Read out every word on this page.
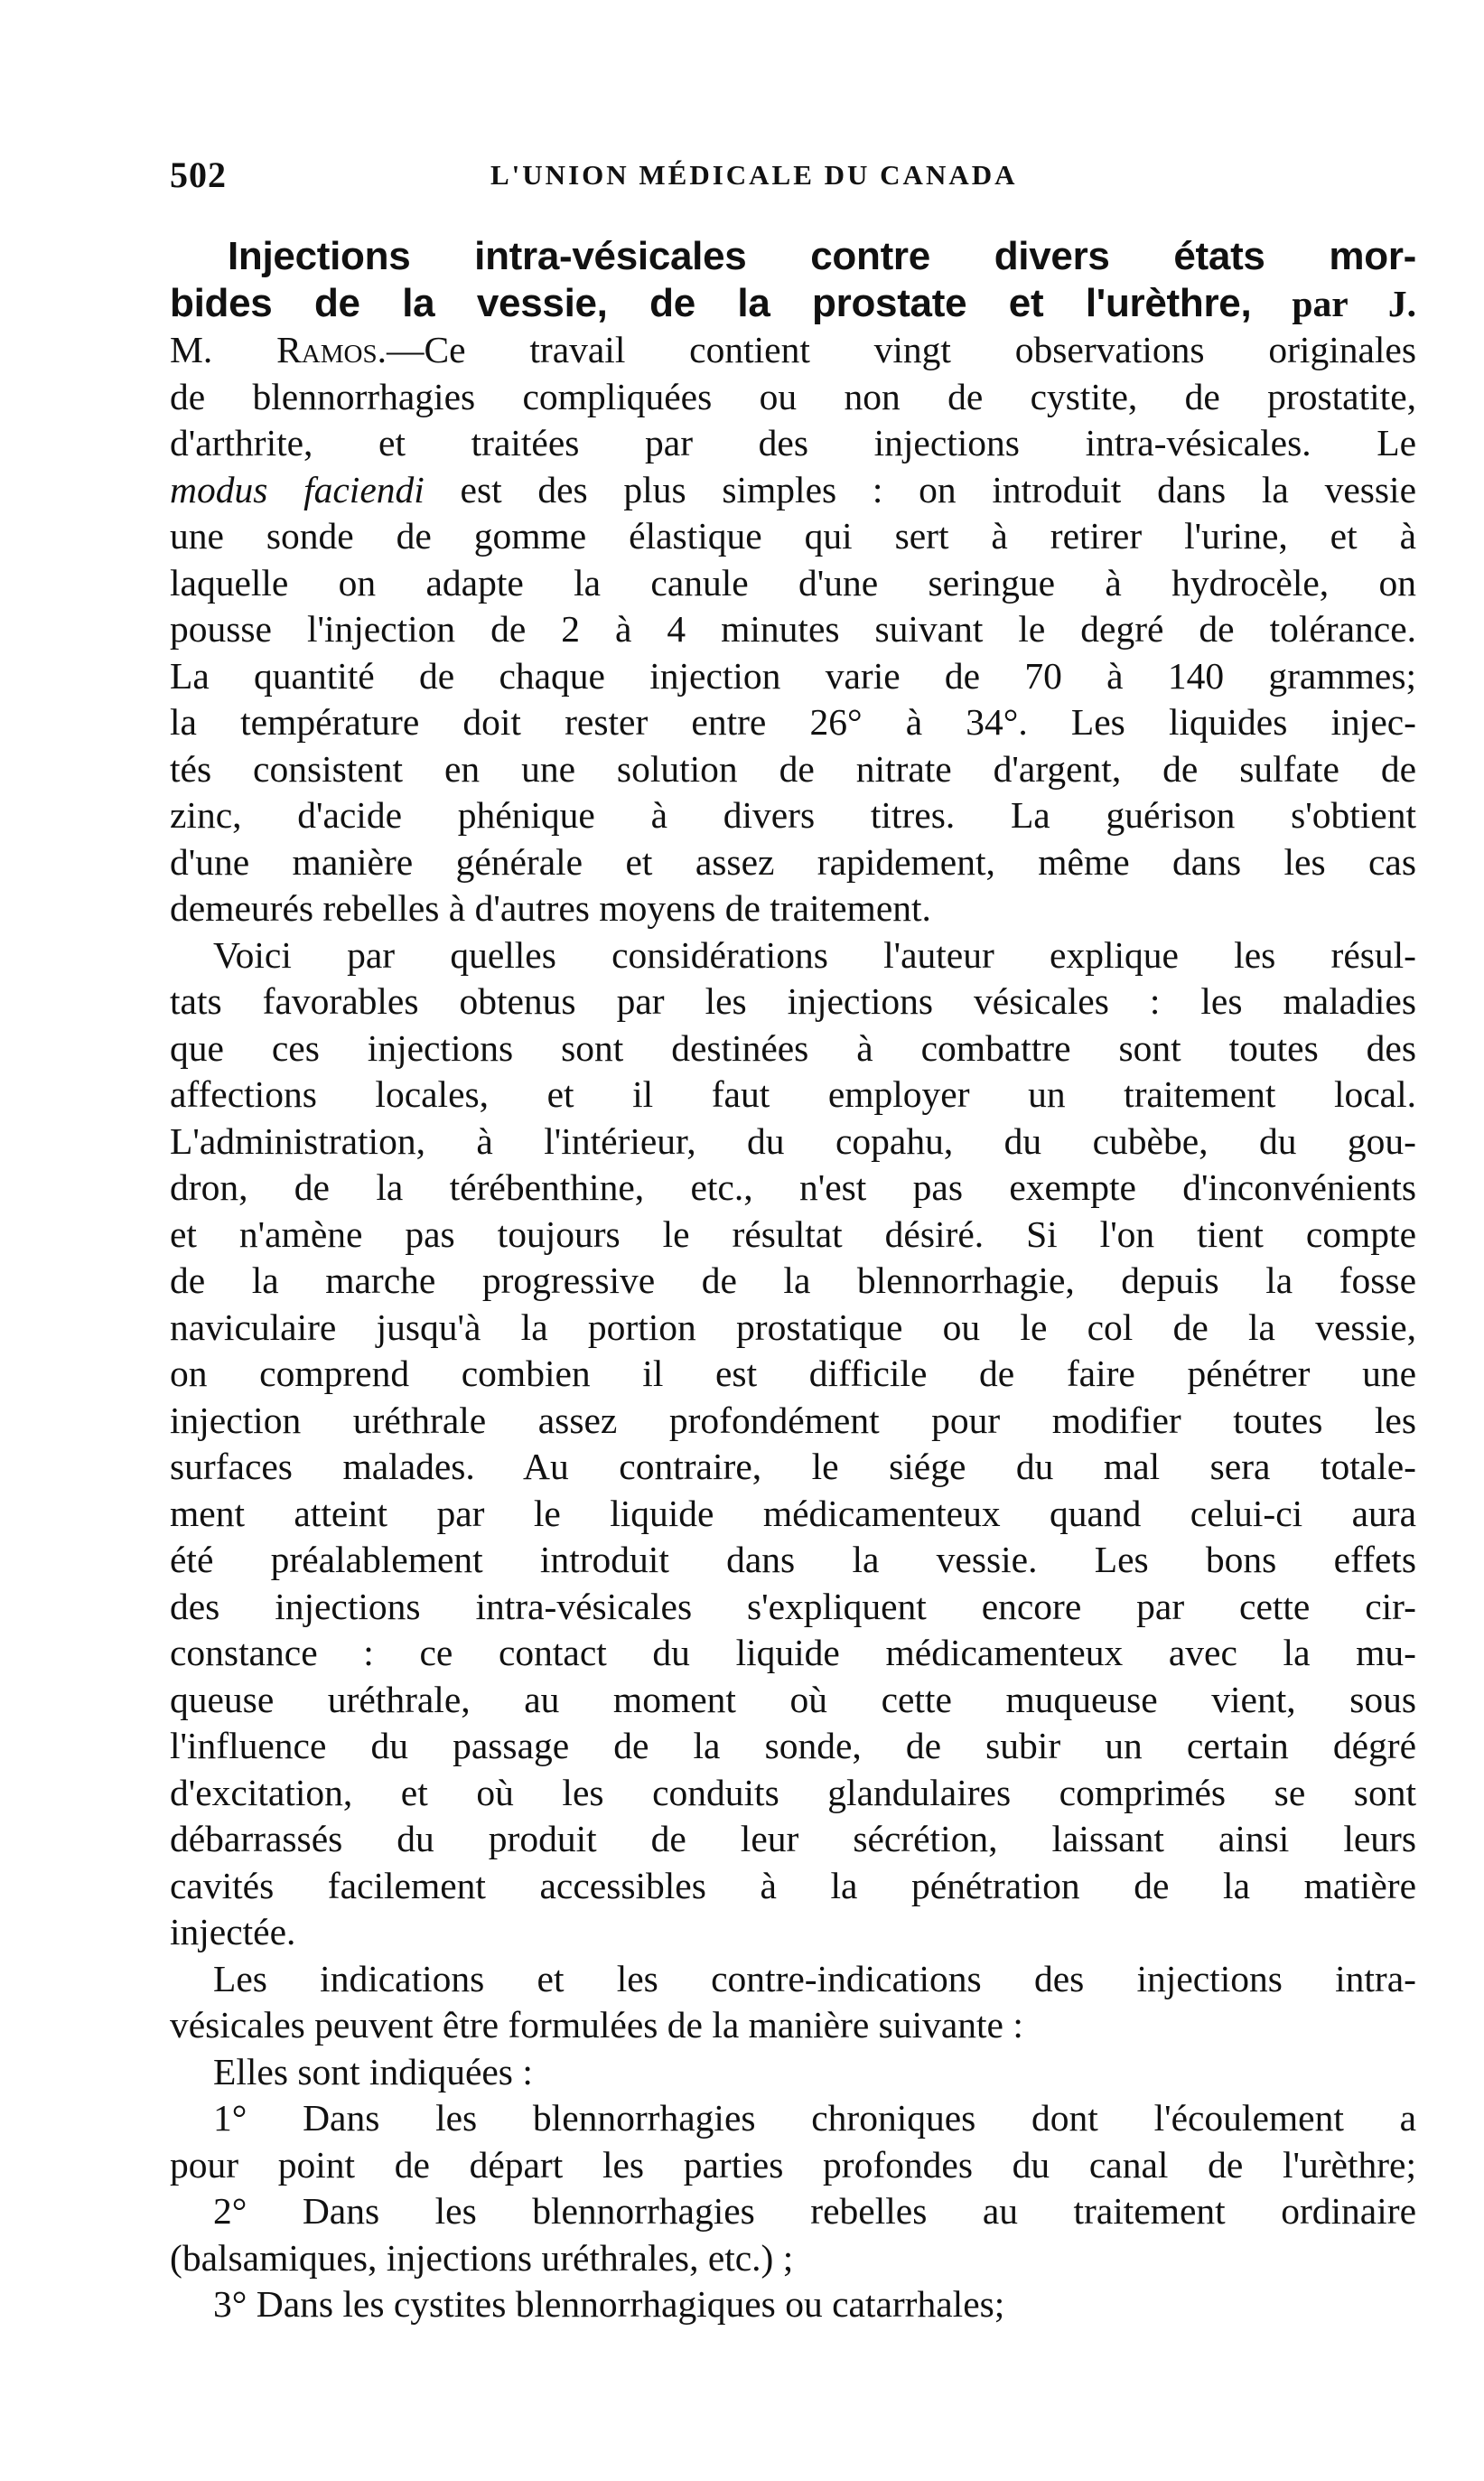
502	L'UNION MÉDICALE DU CANADA
Injections intra-vésicales contre divers états mor-
bides de la vessie, de la prostate et l'urèthre, par J.
M. Ramos.—Ce travail contient vingt observations originales
de blennorrhagies compliquées ou non de cystite, de prostatite,
d'arthrite, et traitées par des injections intra-vésicales. Le
modus faciendi est des plus simples : on introduit dans la vessie
une sonde de gomme élastique qui sert à retirer l'urine, et à
laquelle on adapte la canule d'une seringue à hydrocèle, on
pousse l'injection de 2 à 4 minutes suivant le degré de tolérance.
La quantité de chaque injection varie de 70 à 140 grammes;
la température doit rester entre 26° à 34°. Les liquides injec-
tés consistent en une solution de nitrate d'argent, de sulfate de
zinc, d'acide phénique à divers titres. La guérison s'obtient
d'une manière générale et assez rapidement, même dans les cas
demeurés rebelles à d'autres moyens de traitement.
Voici par quelles considérations l'auteur explique les résul-
tats favorables obtenus par les injections vésicales : les maladies
que ces injections sont destinées à combattre sont toutes des
affections locales, et il faut employer un traitement local.
L'administration, à l'intérieur, du copahu, du cubèbe, du gou-
dron, de la térébenthine, etc., n'est pas exempte d'inconvénients
et n'amène pas toujours le résultat désiré. Si l'on tient compte
de la marche progressive de la blennorrhagie, depuis la fosse
naviculaire jusqu'à la portion prostatique ou le col de la vessie,
on comprend combien il est difficile de faire pénétrer une
injection uréthrale assez profondément pour modifier toutes les
surfaces malades. Au contraire, le siége du mal sera totale-
ment atteint par le liquide médicamenteux quand celui-ci aura
été préalablement introduit dans la vessie. Les bons effets
des injections intra-vésicales s'expliquent encore par cette cir-
constance : ce contact du liquide médicamenteux avec la mu-
queuse uréthrale, au moment où cette muqueuse vient, sous
l'influence du passage de la sonde, de subir un certain dégré
d'excitation, et où les conduits glandulaires comprimés se sont
débarrassés du produit de leur sécrétion, laissant ainsi leurs
cavités facilement accessibles à la pénétration de la matière
injectée.
Les indications et les contre-indications des injections intra-
vésicales peuvent être formulées de la manière suivante :
Elles sont indiquées :
1° Dans les blennorrhagies chroniques dont l'écoulement a
pour point de départ les parties profondes du canal de l'urèthre;
2° Dans les blennorrhagies rebelles au traitement ordinaire
(balsamiques, injections uréthrales, etc.) ;
3° Dans les cystites blennorrhagiques ou catarrhales;
